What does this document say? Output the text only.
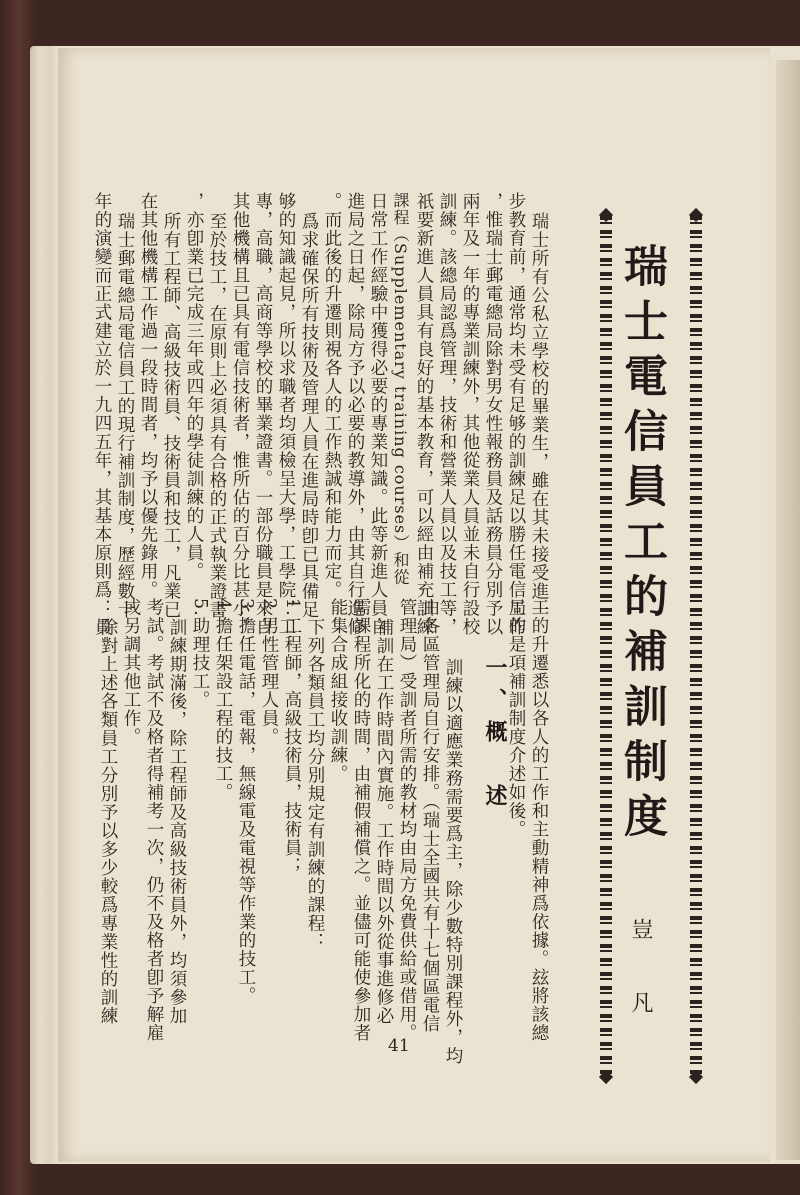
瑞士電信員工的補訓制度
豈 凡
一、概　述
瑞士所有公私立學校的畢業生，雖在其未接受進一
步教育前，通常均未受有足够的訓練足以勝任電信工作
，惟瑞士郵電總局除對男女性報務員及話務員分別予以
兩年及一年的專業訓練外，其他從業人員並未自行設校
訓練。該總局認爲管理，技術和營業人員以及技工等，
祇要新進人員具有良好的基本教育，可以經由補充訓練
課程（Supplementary training courses）和從
日常工作經驗中獲得必要的專業知識。此等新進人員自
進局之日起，除局方予以必要的教導外，由其自行進修
。而此後的升遷則視各人的工作熱誠和能力而定。
爲求確保所有技術及管理人員在進局時卽已具備足
够的知識起見，所以求職者均須檢呈大學，工學院，工
專，高職，高商等學校的畢業證書。一部份職員是來自
其他機構且已具有電信技術者，惟所佔的百分比甚小。
至於技工，在原則上必須具有合格的正式執業證書
，亦卽業已完成三年或四年的學徒訓練的人員。
所有工程師、高級技術員、技術員和技工，凡業已
在其他機構工作過一段時間者，均予以優先錄用。
瑞士郵電總局電信員工的現行補訓制度，歷經數十
年的演變而正式建立於一九四五年，其基本原則爲：員
工的升遷悉以各人的工作和主動精神爲依據。玆將該總
局的是項補訓制度介述如後。
訓練以適應業務需要爲主，除少數特別課程外，均
由各區管理局自行安排。（瑞士全國共有十七個區電信
管理局）受訓者所需的教材均由局方免費供給或借用。
補訓在工作時間內實施。工作時間以外從事進修必
需課程所化的時間，由補假補償之。並儘可能使參加者
能集合成組接收訓練。
下列各類員工均分別規定有訓練的課程：
1.工程師，高級技術員，技術員；
2.男性管理人員。
3.擔任電話，電報，無線電及電視等作業的技工。
4.擔任架設工程的技工。
5.助理技工。
訓練期滿後，除工程師及高級技術員外，均須參加
考試。考試不及格者得補考一次，仍不及格者卽予解雇
或另調其他工作。
除對上述各類員工分別予以多少較爲專業性的訓練
41
